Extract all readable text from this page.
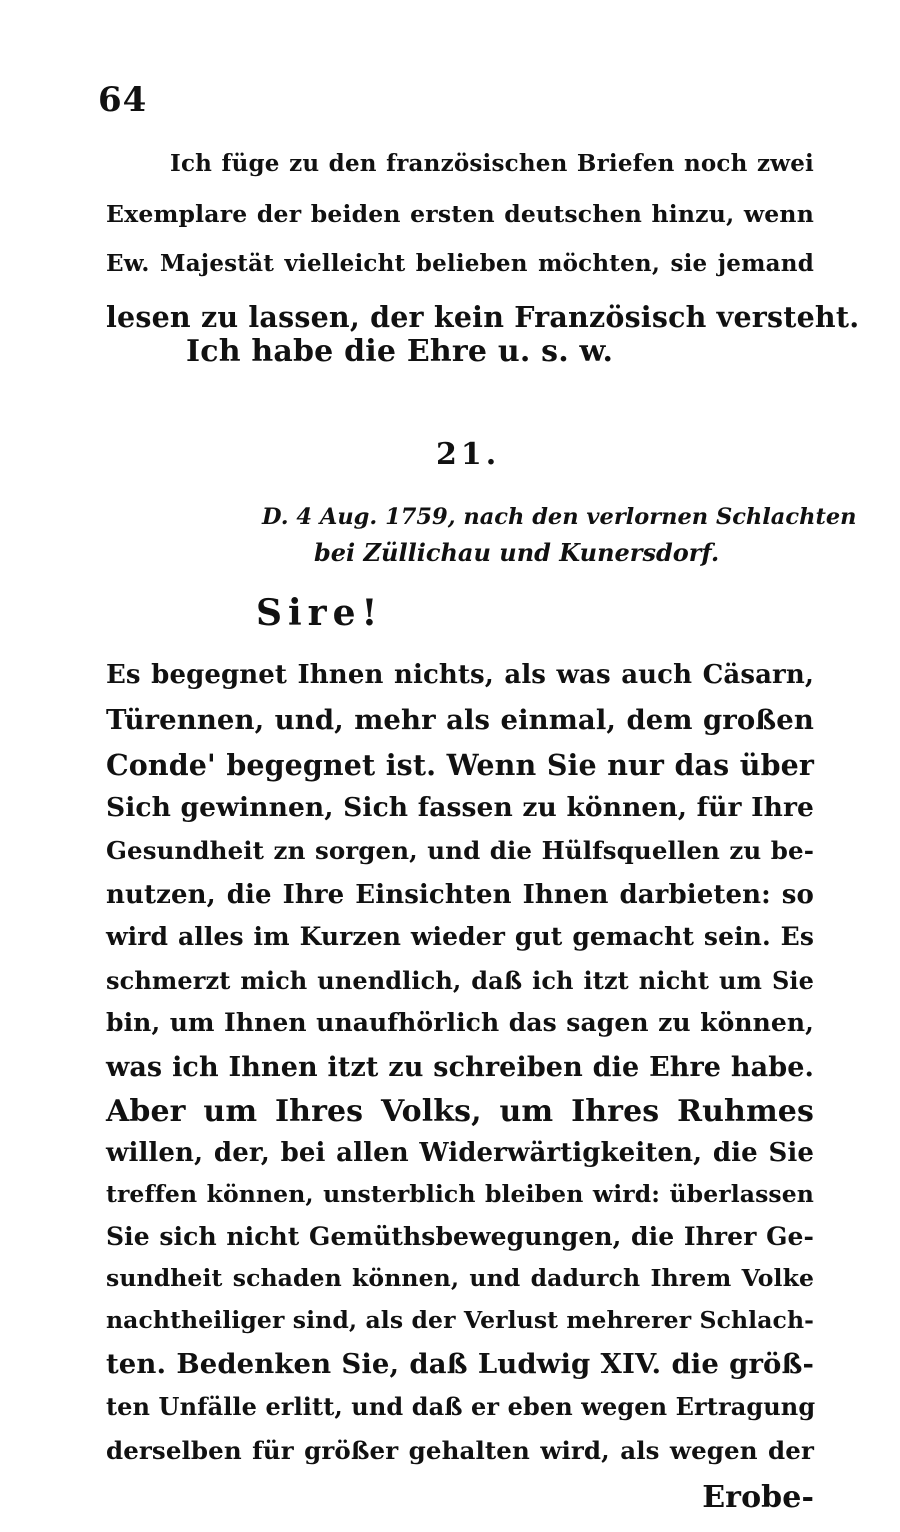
64
Ich füge zu den französischen Briefen noch zwei
Exemplare der beiden ersten deutschen hinzu, wenn
Ew. Majestät vielleicht belieben möchten, sie jemand
lesen zu lassen, der kein Französisch versteht.
Ich habe die Ehre u. s. w.
21.
D. 4 Aug. 1759, nach den verlornen Schlachten
bei Züllichau und Kunersdorf.
Sire!
Es begegnet Ihnen nichts, als was auch Cäsarn,
Türennen, und, mehr als einmal, dem großen
Conde' begegnet ist. Wenn Sie nur das über
Sich gewinnen, Sich fassen zu können, für Ihre
Gesundheit zn sorgen, und die Hülfsquellen zu be-
nutzen, die Ihre Einsichten Ihnen darbieten: so
wird alles im Kurzen wieder gut gemacht sein. Es
schmerzt mich unendlich, daß ich itzt nicht um Sie
bin, um Ihnen unaufhörlich das sagen zu können,
was ich Ihnen itzt zu schreiben die Ehre habe.
Aber um Ihres Volks, um Ihres Ruhmes
willen, der, bei allen Widerwärtigkeiten, die Sie
treffen können, unsterblich bleiben wird: überlassen
Sie sich nicht Gemüthsbewegungen, die Ihrer Ge-
sundheit schaden können, und dadurch Ihrem Volke
nachtheiliger sind, als der Verlust mehrerer Schlach-
ten. Bedenken Sie, daß Ludwig XIV. die größ-
ten Unfälle erlitt, und daß er eben wegen Ertragung
derselben für größer gehalten wird, als wegen der
Erobe-
